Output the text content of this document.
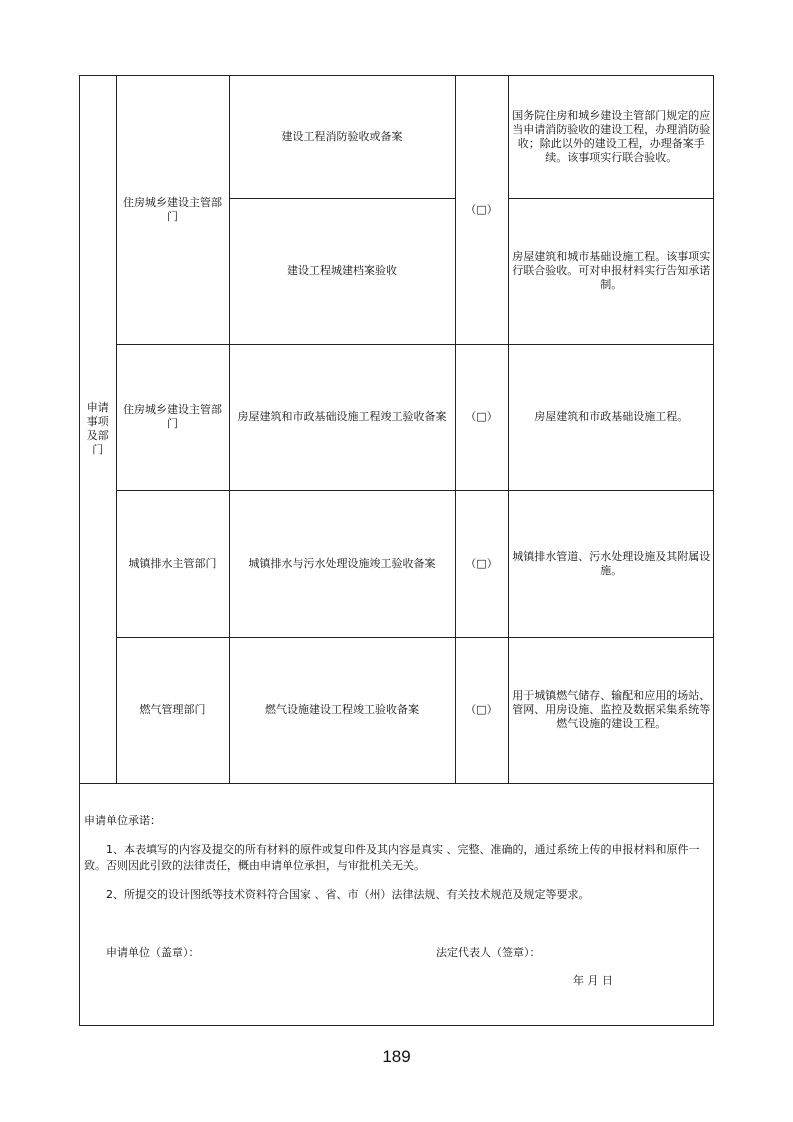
申请事项及部门	住房城乡建设主管部门	建设工程消防验收或备案	（□）	国务院住房和城乡建设主管部门规定的应当申请消防验收的建设工程，办理消防验收；除此以外的建设工程，办理备案手续。该事项实行联合验收。
		建设工程城建档案验收		房屋建筑和城市基础设施工程。该事项实行联合验收。可对申报材料实行告知承诺制。
	住房城乡建设主管部门	房屋建筑和市政基础设施工程竣工验收备案	（□）	房屋建筑和市政基础设施工程。
	城镇排水主管部门	城镇排水与污水处理设施竣工验收备案	（□）	城镇排水管道、污水处理设施及其附属设施。
	燃气管理部门	燃气设施建设工程竣工验收备案	（□）	用于城镇燃气储存、输配和应用的场站、管网、用房设施、监控及数据采集系统等燃气设施的建设工程。
申请单位承诺：
1、本表填写的内容及提交的所有材料的原件或复印件及其内容是真实 、完整、准确的，通过系统上传的申报材料和原件一致。否则因此引致的法律责任，概由申请单位承担，与审批机关无关。
2、所提交的设计图纸等技术资料符合国家 、省、市（州）法律法规、有关技术规范及规定等要求。
申请单位（盖章）：	法定代表人（签章）：
年 月 日
189
